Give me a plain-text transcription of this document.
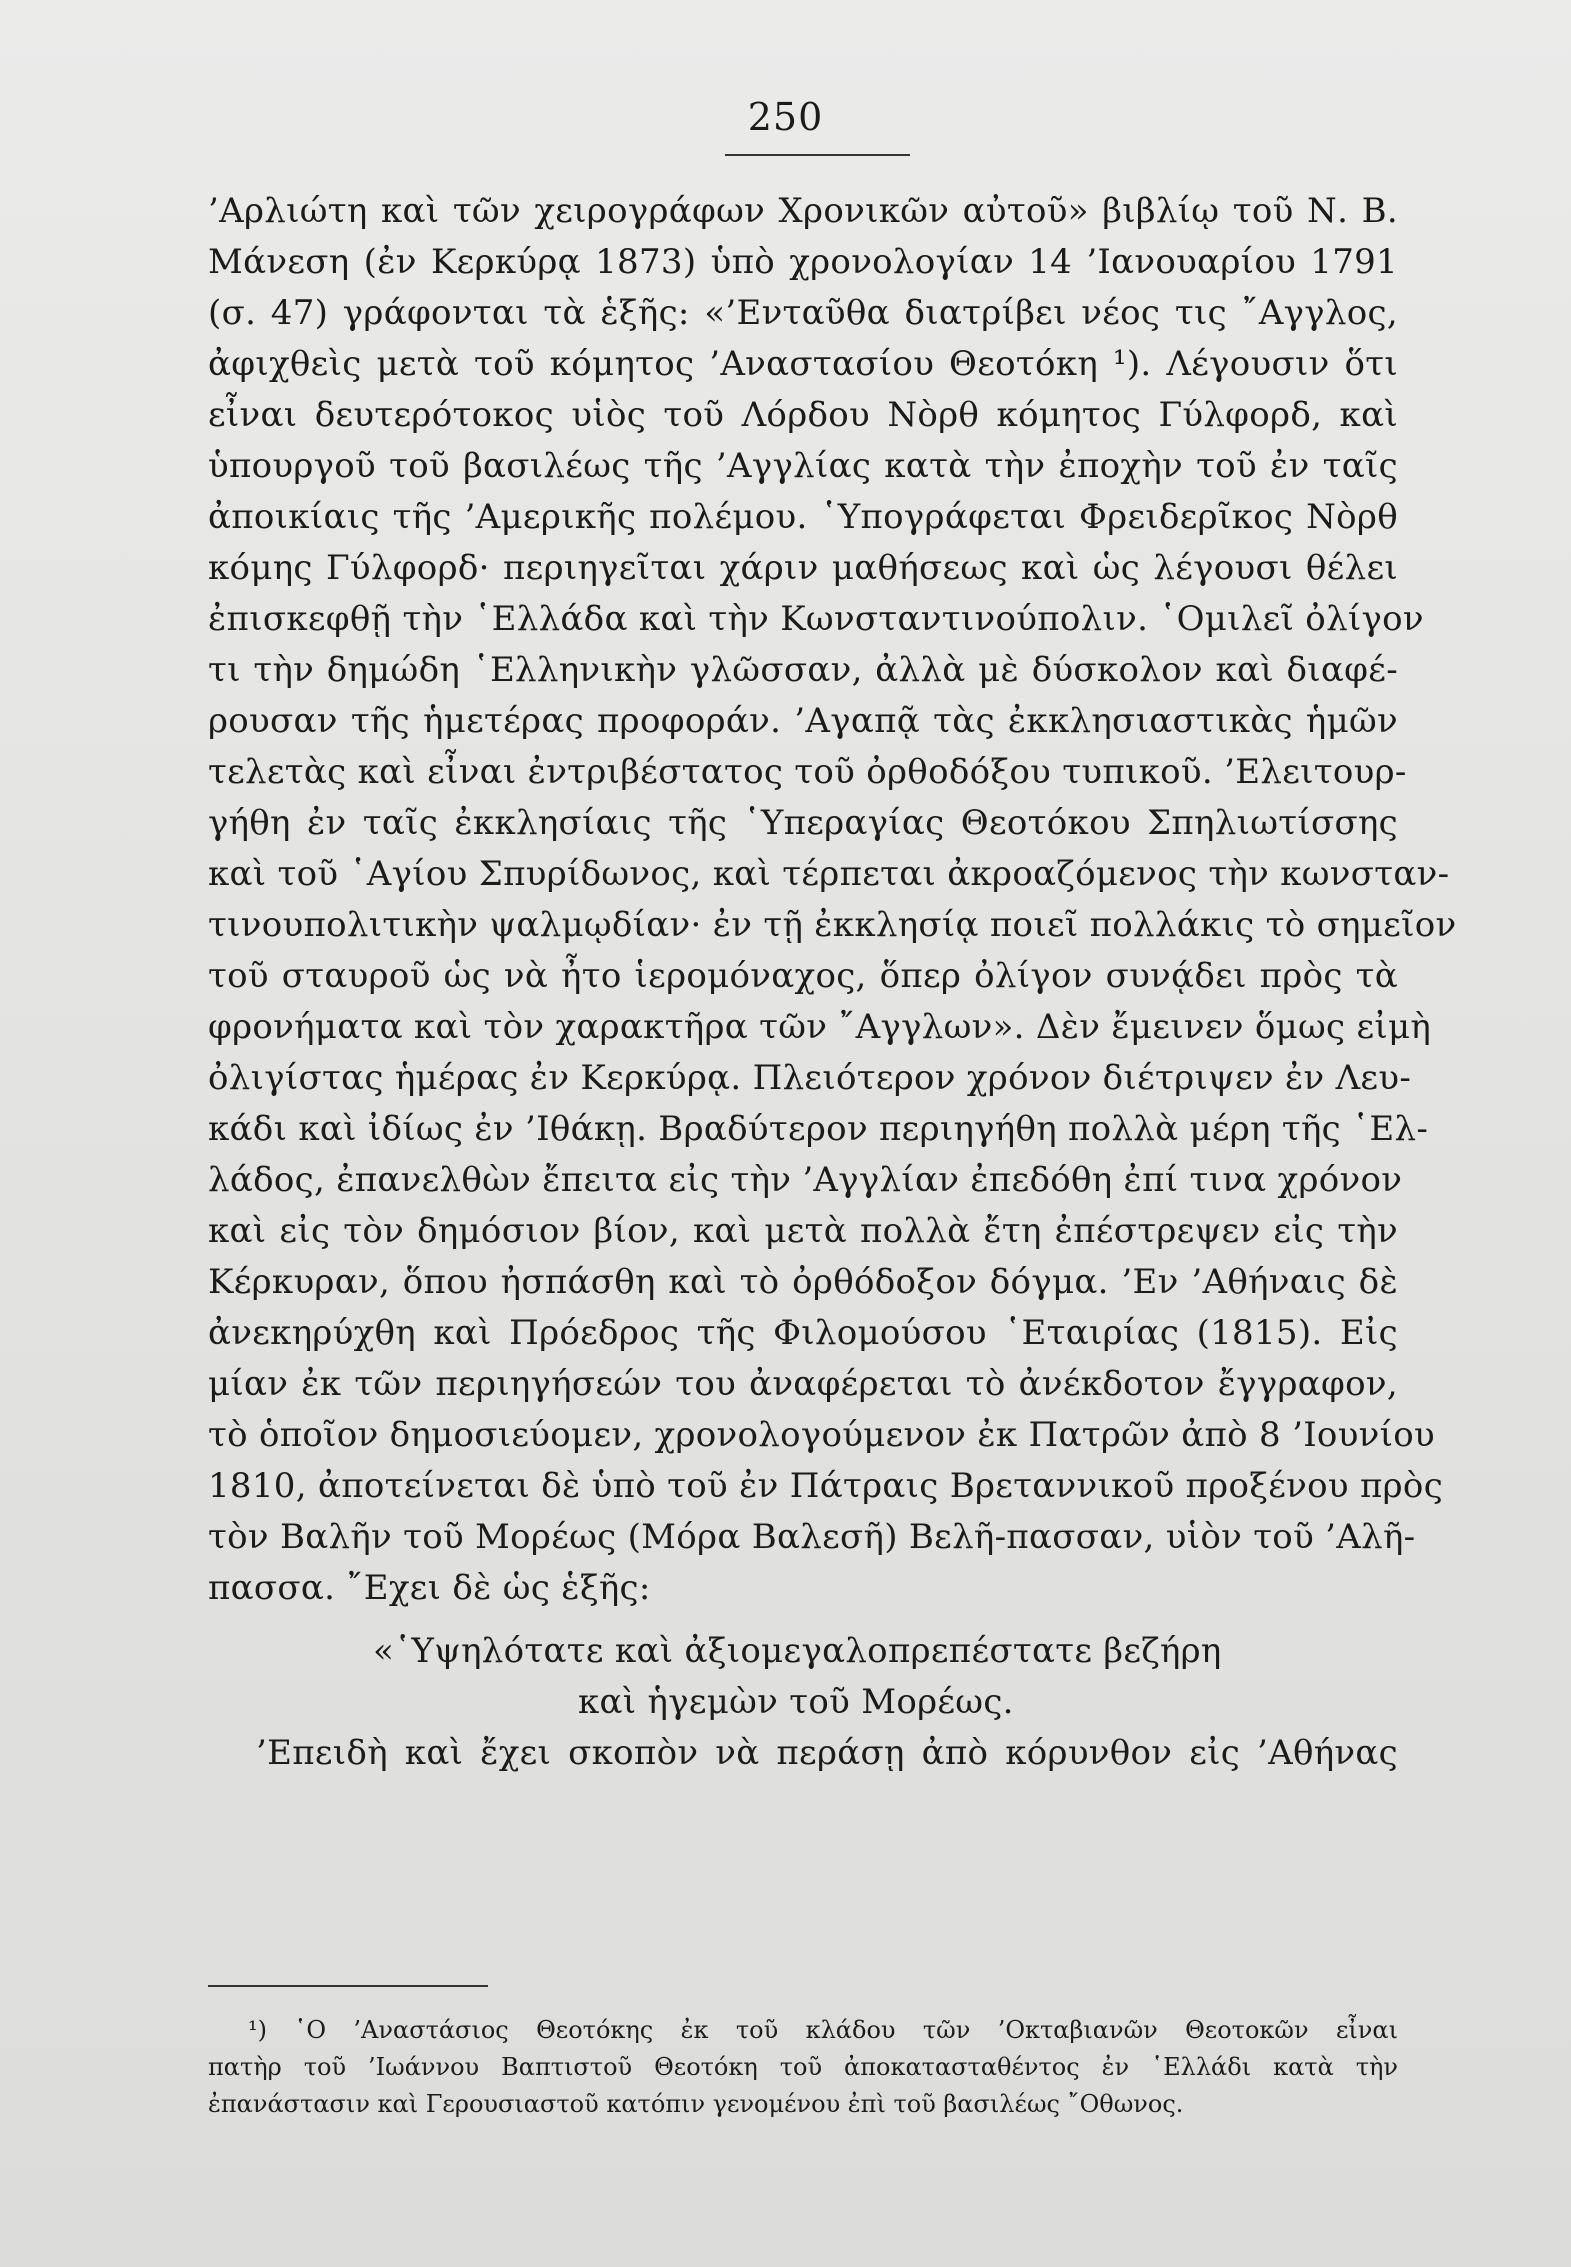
250
’Αρλιώτη καὶ τῶν χειρογράφων Χρονικῶν αὐτοῦ» βιβλίῳ τοῦ Ν. Β.
Μάνεση (ἐν Κερκύρᾳ 1873) ὑπὸ χρονολογίαν 14 ’Ιανουαρίου 1791
(σ. 47) γράφονται τὰ ἑξῆς: «’Ενταῦθα διατρίβει νέος τις ῎Αγγλος,
ἀφιχθεὶς μετὰ τοῦ κόμητος ’Αναστασίου Θεοτόκη ¹). Λέγουσιν ὅτι
εἶναι δευτερότοκος υἱὸς τοῦ Λόρδου Νὸρθ κόμητος Γύλφορδ, καὶ
ὑπουργοῦ τοῦ βασιλέως τῆς ’Αγγλίας κατὰ τὴν ἐποχὴν τοῦ ἐν ταῖς
ἀποικίαις τῆς ’Αμερικῆς πολέμου. ῾Υπογράφεται Φρειδερῖκος Νὸρθ
κόμης Γύλφορδ· περιηγεῖται χάριν μαθήσεως καὶ ὡς λέγουσι θέλει
ἐπισκεφθῇ τὴν ῾Ελλάδα καὶ τὴν Κωνσταντινούπολιν. ῾Ομιλεῖ ὀλίγον
τι τὴν δημώδη ῾Ελληνικὴν γλῶσσαν, ἀλλὰ μὲ δύσκολον καὶ διαφέ-
ρουσαν τῆς ἡμετέρας προφοράν. ’Αγαπᾷ τὰς ἐκκλησιαστικὰς ἡμῶν
τελετὰς καὶ εἶναι ἐντριβέστατος τοῦ ὀρθοδόξου τυπικοῦ. ’Ελειτουρ-
γήθη ἐν ταῖς ἐκκλησίαις τῆς ῾Υπεραγίας Θεοτόκου Σπηλιωτίσσης
καὶ τοῦ ῾Αγίου Σπυρίδωνος, καὶ τέρπεται ἀκροαζόμενος τὴν κωνσταν-
τινουπολιτικὴν ψαλμῳδίαν· ἐν τῇ ἐκκλησίᾳ ποιεῖ πολλάκις τὸ σημεῖον
τοῦ σταυροῦ ὡς νὰ ἦτο ἱερομόναχος, ὅπερ ὀλίγον συνᾴδει πρὸς τὰ
φρονήματα καὶ τὸν χαρακτῆρα τῶν ῎Αγγλων». Δὲν ἔμεινεν ὅμως εἰμὴ
ὀλιγίστας ἡμέρας ἐν Κερκύρᾳ. Πλειότερον χρόνον διέτριψεν ἐν Λευ-
κάδι καὶ ἰδίως ἐν ’Ιθάκῃ. Βραδύτερον περιηγήθη πολλὰ μέρη τῆς ῾Ελ-
λάδος, ἐπανελθὼν ἔπειτα εἰς τὴν ’Αγγλίαν ἐπεδόθη ἐπί τινα χρόνον
καὶ εἰς τὸν δημόσιον βίον, καὶ μετὰ πολλὰ ἔτη ἐπέστρεψεν εἰς τὴν
Κέρκυραν, ὅπου ἠσπάσθη καὶ τὸ ὀρθόδοξον δόγμα. ’Εν ’Αθήναις δὲ
ἀνεκηρύχθη καὶ Πρόεδρος τῆς Φιλομούσου ῾Εταιρίας (1815). Εἰς
μίαν ἐκ τῶν περιηγήσεών του ἀναφέρεται τὸ ἀνέκδοτον ἔγγραφον,
τὸ ὁποῖον δημοσιεύομεν, χρονολογούμενον ἐκ Πατρῶν ἀπὸ 8 ’Ιουνίου
1810, ἀποτείνεται δὲ ὑπὸ τοῦ ἐν Πάτραις Βρεταννικοῦ προξένου πρὸς
τὸν Βαλῆν τοῦ Μορέως (Μόρα Βαλεσῆ) Βελῆ-πασσαν, υἱὸν τοῦ ’Αλῆ-
πασσα. ῎Εχει δὲ ὡς ἑξῆς:
«῾Υψηλότατε καὶ ἀξιομεγαλοπρεπέστατε βεζήρη
καὶ ἡγεμὼν τοῦ Μορέως.
’Επειδὴ καὶ ἔχει σκοπὸν νὰ περάσῃ ἀπὸ κόρυνθον εἰς ’Αθήνας
¹) ῾Ο ’Αναστάσιος Θεοτόκης ἐκ τοῦ κλάδου τῶν ’Οκταβιανῶν Θεοτοκῶν εἶναι
πατὴρ τοῦ ’Ιωάννου Βαπτιστοῦ Θεοτόκη τοῦ ἀποκατασταθέντος ἐν ῾Ελλάδι κατὰ τὴν
ἐπανάστασιν καὶ Γερουσιαστοῦ κατόπιν γενομένου ἐπὶ τοῦ βασιλέως ῎Οθωνος.
